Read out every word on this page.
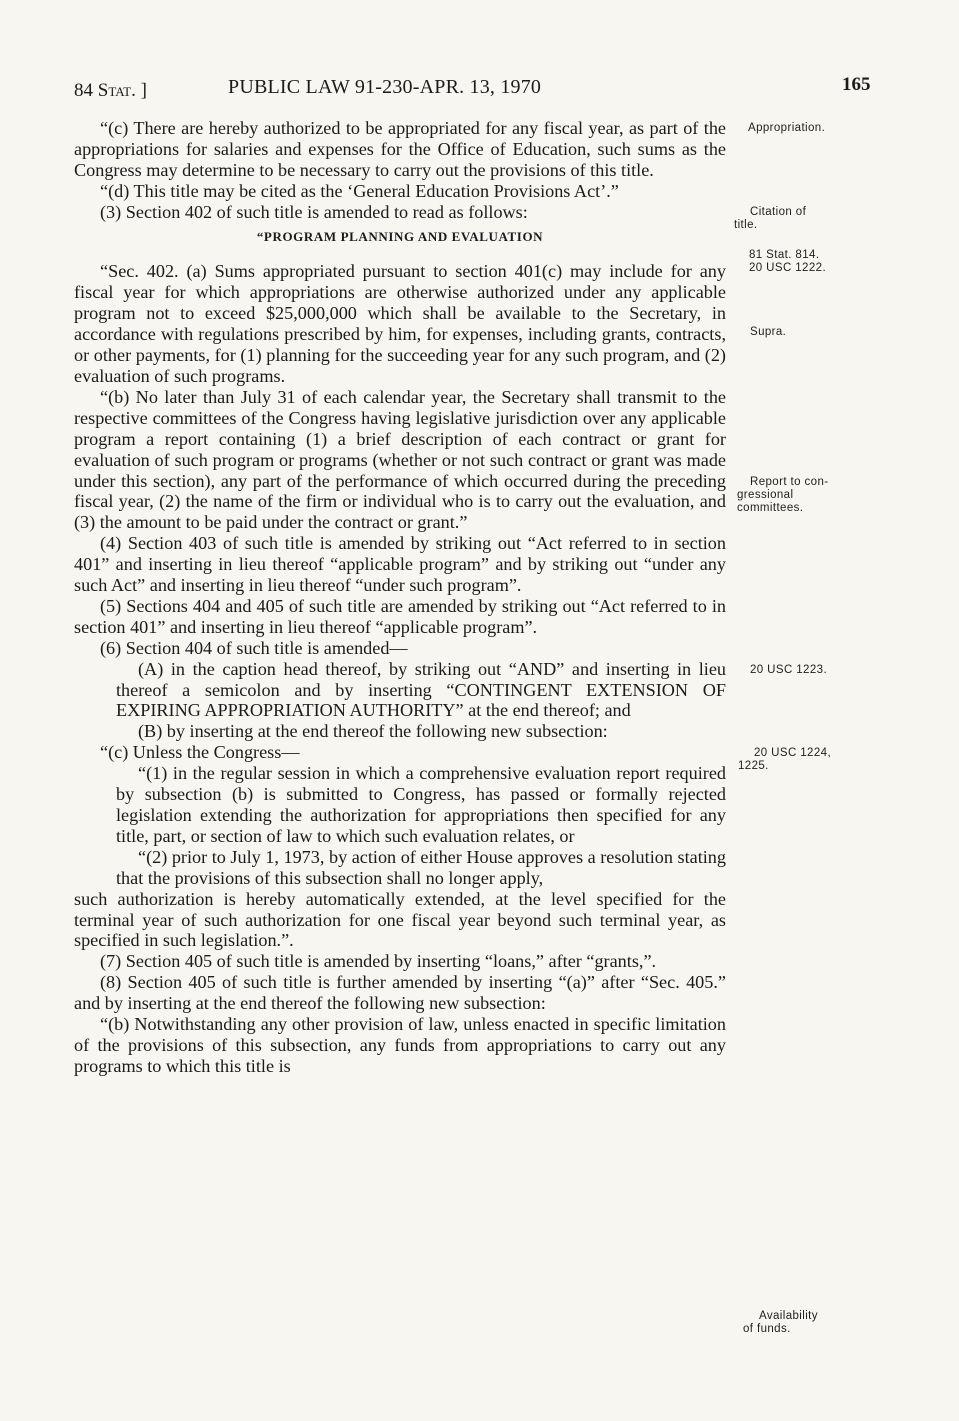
84 Stat. ]	PUBLIC LAW 91-230-APR. 13, 1970	165

“(c) There are hereby authorized to be appropriated for any fiscal year, as part of the appropriations for salaries and expenses for the Office of Education, such sums as the Congress may determine to be necessary to carry out the provisions of this title.

“(d) This title may be cited as the ‘General Education Provisions Act’.”

(3) Section 402 of such title is amended to read as follows:

“PROGRAM PLANNING AND EVALUATION

“Sec. 402. (a) Sums appropriated pursuant to section 401(c) may include for any fiscal year for which appropriations are otherwise authorized under any applicable program not to exceed $25,000,000 which shall be available to the Secretary, in accordance with regulations prescribed by him, for expenses, including grants, contracts, or other payments, for (1) planning for the succeeding year for any such program, and (2) evaluation of such programs.

“(b) No later than July 31 of each calendar year, the Secretary shall transmit to the respective committees of the Congress having legislative jurisdiction over any applicable program a report containing (1) a brief description of each contract or grant for evaluation of such program or programs (whether or not such contract or grant was made under this section), any part of the performance of which occurred during the preceding fiscal year, (2) the name of the firm or individual who is to carry out the evaluation, and (3) the amount to be paid under the contract or grant.”

(4) Section 403 of such title is amended by striking out “Act referred to in section 401” and inserting in lieu thereof “applicable program” and by striking out “under any such Act” and inserting in lieu thereof “under such program”.

(5) Sections 404 and 405 of such title are amended by striking out “Act referred to in section 401” and inserting in lieu thereof “applicable program”.

(6) Section 404 of such title is amended—

(A) in the caption head thereof, by striking out “AND” and inserting in lieu thereof a semicolon and by inserting “CONTINGENT EXTENSION OF EXPIRING APPROPRIATION AUTHORITY” at the end thereof; and

(B) by inserting at the end thereof the following new subsection:

“(c) Unless the Congress—

“(1) in the regular session in which a comprehensive evaluation report required by subsection (b) is submitted to Congress, has passed or formally rejected legislation extending the authorization for appropriations then specified for any title, part, or section of law to which such evaluation relates, or

“(2) prior to July 1, 1973, by action of either House approves a resolution stating that the provisions of this subsection shall no longer apply,

such authorization is hereby automatically extended, at the level specified for the terminal year of such authorization for one fiscal year beyond such terminal year, as specified in such legislation.”.

(7) Section 405 of such title is amended by inserting “loans,” after “grants,”.

(8) Section 405 of such title is further amended by inserting “(a)” after “Sec. 405.” and by inserting at the end thereof the following new subsection:

“(b) Notwithstanding any other provision of law, unless enacted in specific limitation of the provisions of this subsection, any funds from appropriations to carry out any programs to which this title is

Appropriation.
Citation of
title.
81 Stat. 814.
20 USC 1222.
Supra.
Report to con-
gressional
committees.
20 USC 1223.
20 USC 1224,
1225.
Availability
of funds.
